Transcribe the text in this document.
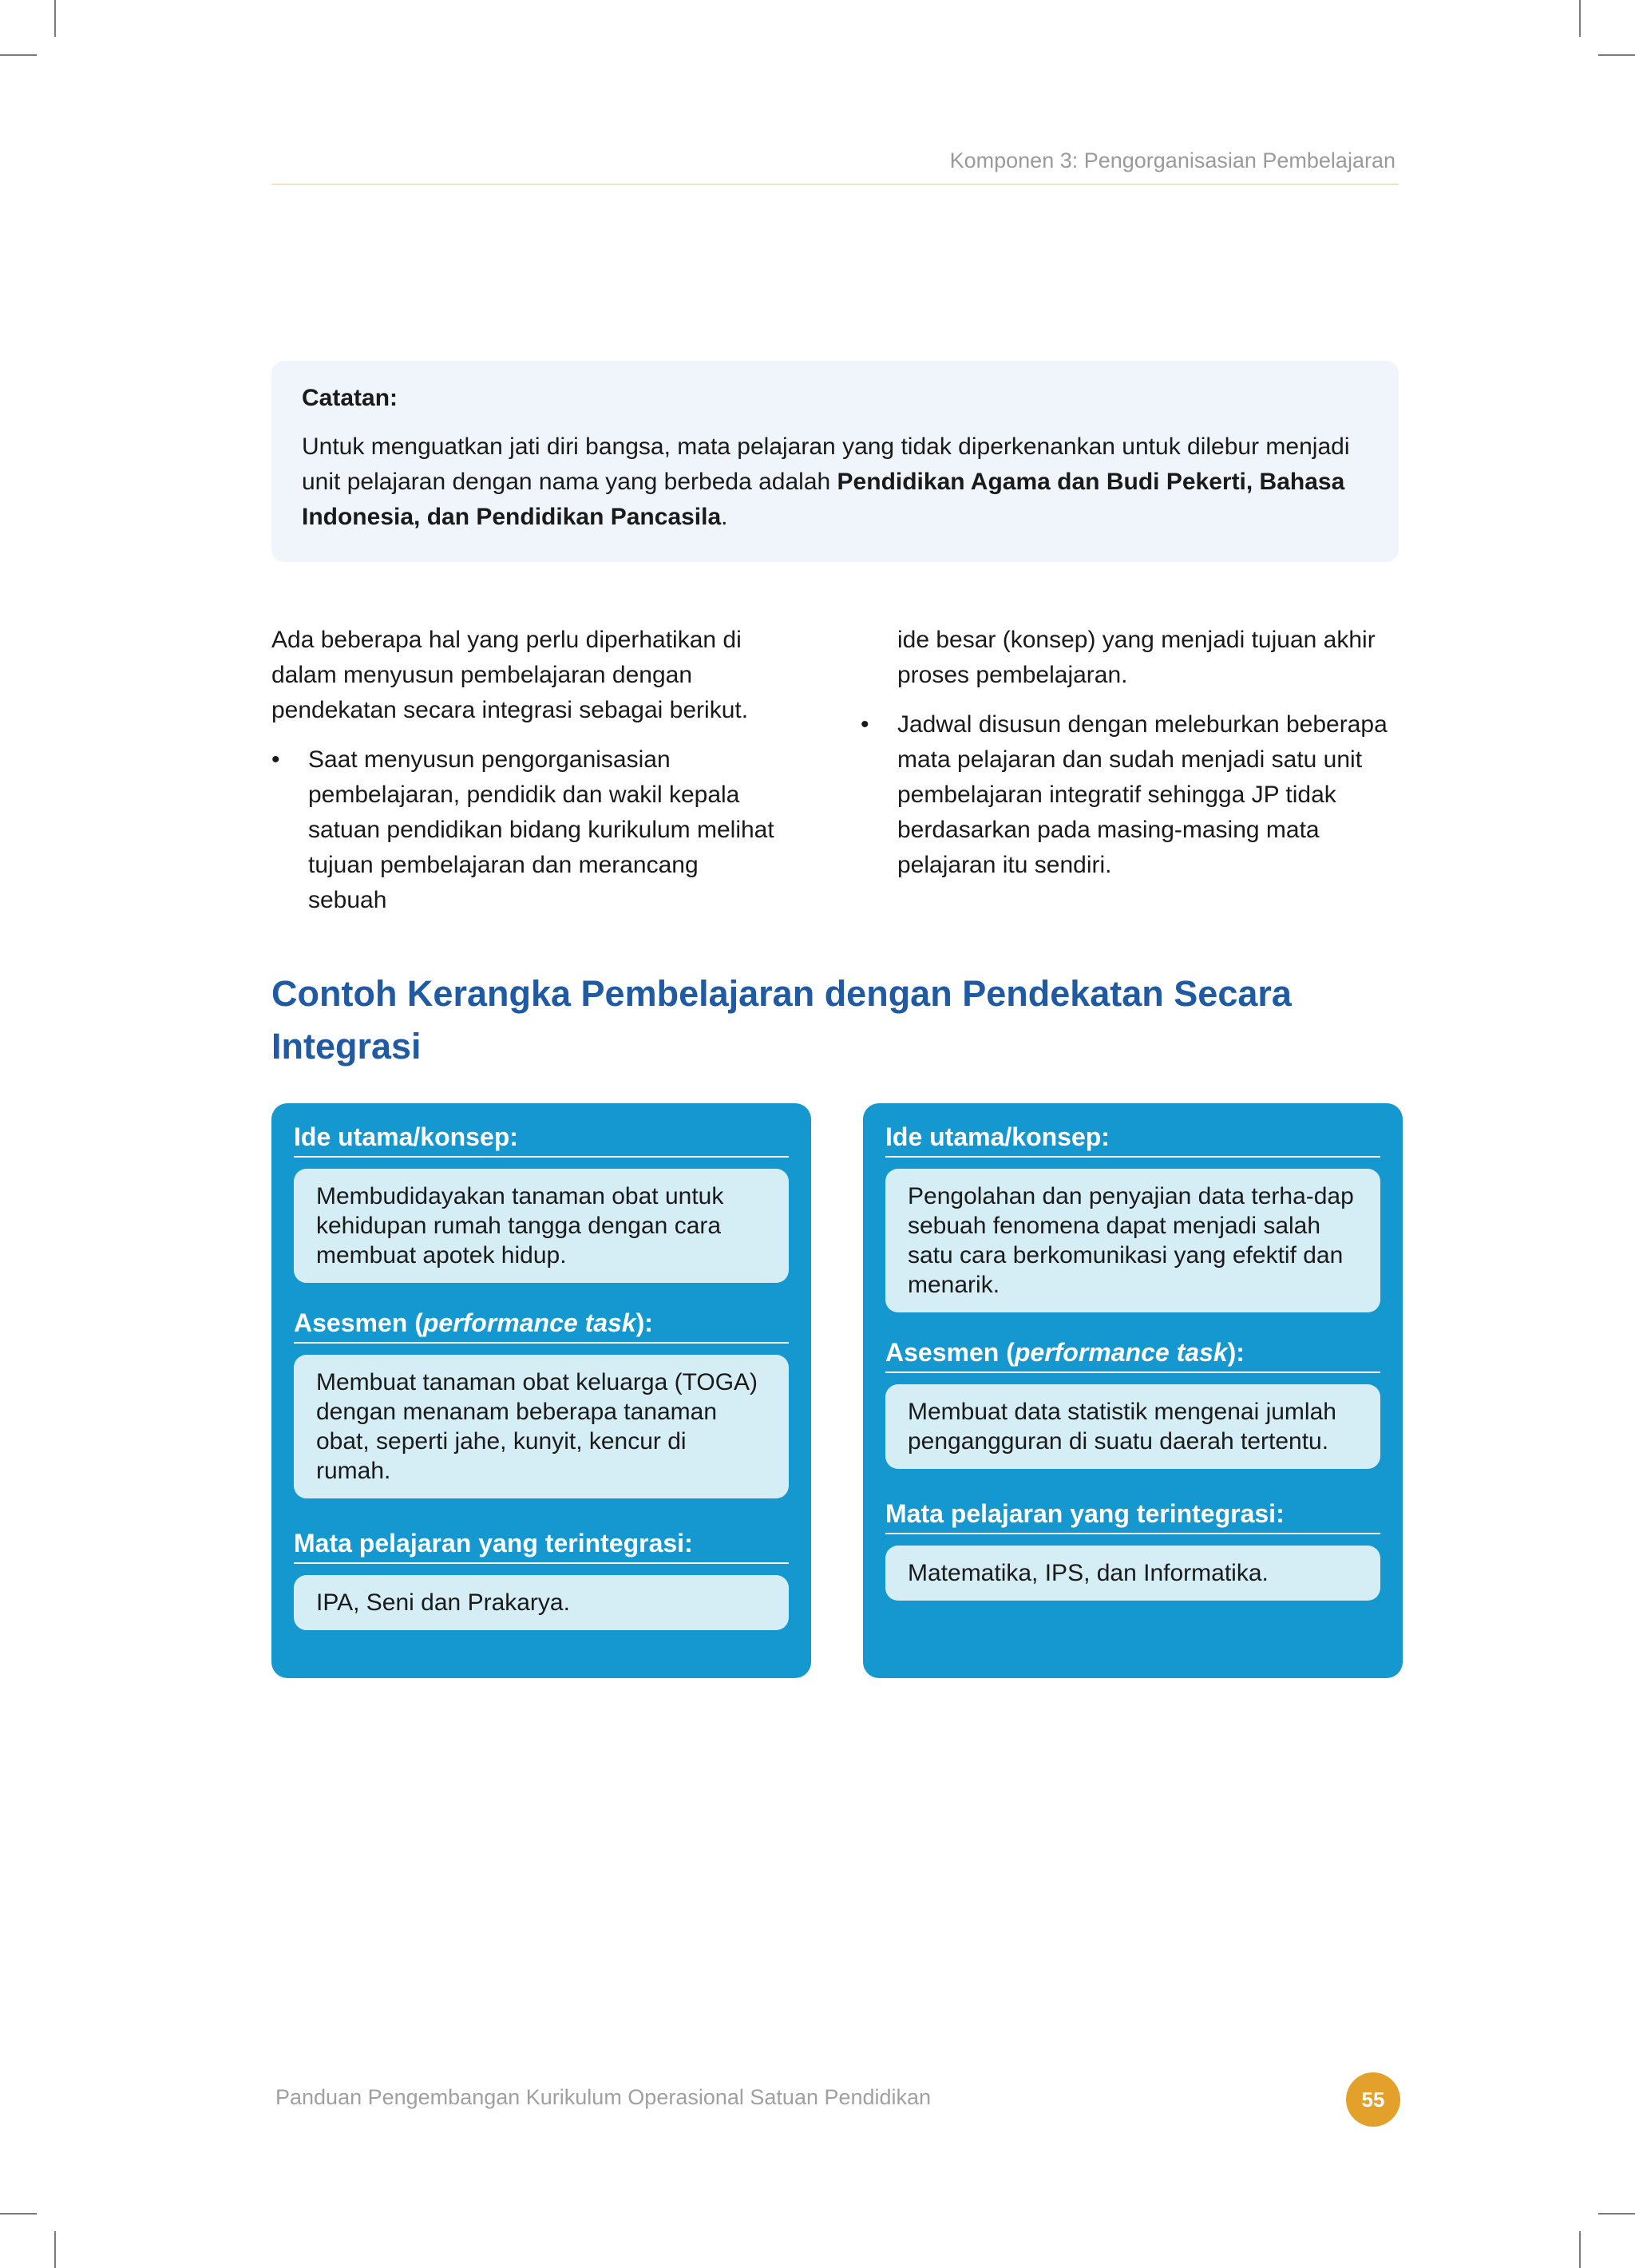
Komponen 3: Pengorganisasian Pembelajaran
Catatan:
Untuk menguatkan jati diri bangsa, mata pelajaran yang tidak diperkenankan untuk dilebur menjadi unit pelajaran dengan nama yang berbeda adalah Pendidikan Agama dan Budi Pekerti, Bahasa Indonesia, dan Pendidikan Pancasila.

Ada beberapa hal yang perlu diperhatikan di dalam menyusun pembelajaran dengan pendekatan secara integrasi sebagai berikut.

• Saat menyusun pengorganisasian pembelajaran, pendidik dan wakil kepala satuan pendidikan bidang kurikulum melihat tujuan pembelajaran dan merancang sebuah
ide besar (konsep) yang menjadi tujuan akhir proses pembelajaran.
• Jadwal disusun dengan meleburkan beberapa mata pelajaran dan sudah menjadi satu unit pembelajaran integratif sehingga JP tidak berdasarkan pada masing-masing mata pelajaran itu sendiri.
Contoh Kerangka Pembelajaran dengan Pendekatan Secara Integrasi
Ide utama/konsep:
Membudidayakan tanaman obat untuk kehidupan rumah tangga dengan cara membuat apotek hidup.
Asesmen (performance task):
Membuat tanaman obat keluarga (TOGA) dengan menanam beberapa tanaman obat, seperti jahe, kunyit, kencur di rumah.
Mata pelajaran yang terintegrasi:
IPA, Seni dan Prakarya.
Ide utama/konsep:
Pengolahan dan penyajian data terha-dap sebuah fenomena dapat menjadi salah satu cara berkomunikasi yang efektif dan menarik.
Asesmen (performance task):
Membuat data statistik mengenai jumlah pengangguran di suatu daerah tertentu.
Mata pelajaran yang terintegrasi:
Matematika, IPS, dan Informatika.
Panduan Pengembangan Kurikulum Operasional Satuan Pendidikan	55
